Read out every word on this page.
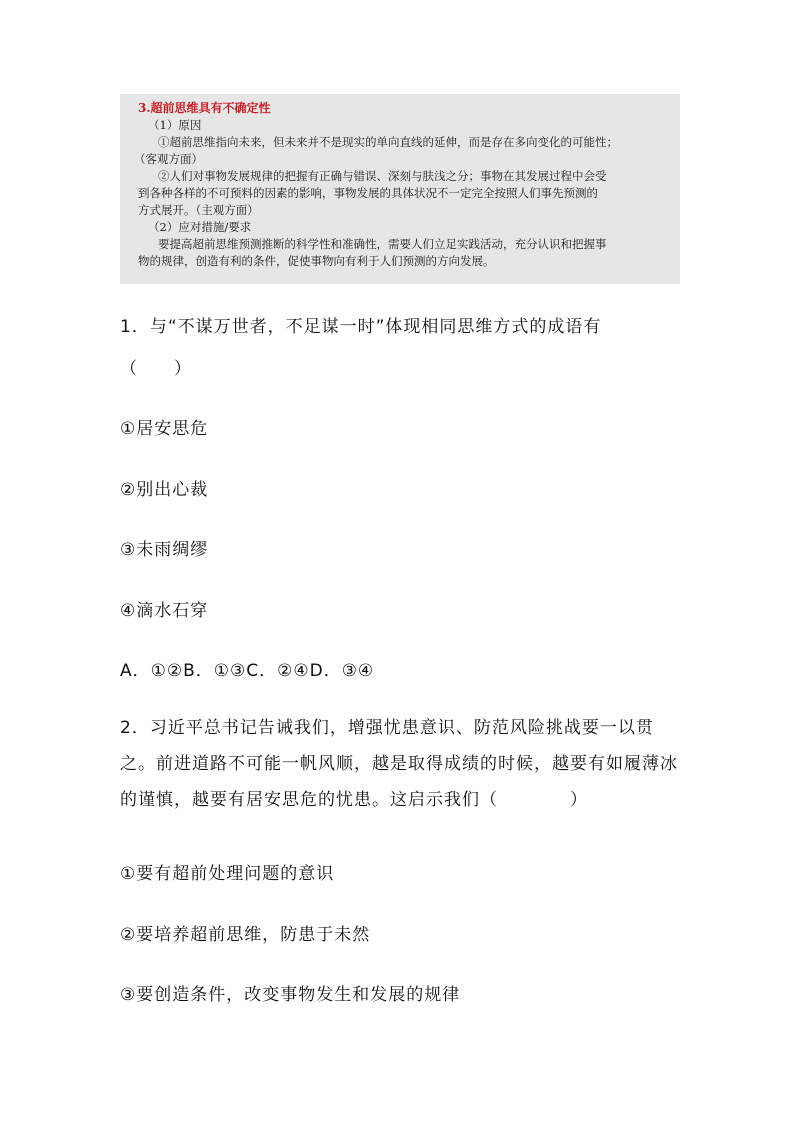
3.超前思维具有不确定性
（1）原因
①超前思维指向未来，但未来并不是现实的单向直线的延伸，而是存在多向变化的可能性；
（客观方面）
②人们对事物发展规律的把握有正确与错误、深刻与肤浅之分；事物在其发展过程中会受
到各种各样的不可预料的因素的影响，事物发展的具体状况不一定完全按照人们事先预测的
方式展开。（主观方面）
（2）应对措施/要求
要提高超前思维预测推断的科学性和准确性，需要人们立足实践活动，充分认识和把握事
物的规律，创造有利的条件，促使事物向有利于人们预测的方向发展。
1．与“不谋万世者，不足谋一时”体现相同思维方式的成语有
（　　）
①居安思危
②别出心裁
③未雨绸缪
④滴水石穿
A．①②B．①③C．②④D．③④
2．习近平总书记告诫我们，增强忧患意识、防范风险挑战要一以贯之。前进道路不可能一帆风顺，越是取得成绩的时候，越要有如履薄冰的谨慎，越要有居安思危的忧患。这启示我们（　　　　）
①要有超前处理问题的意识
②要培养超前思维，防患于未然
③要创造条件，改变事物发生和发展的规律
